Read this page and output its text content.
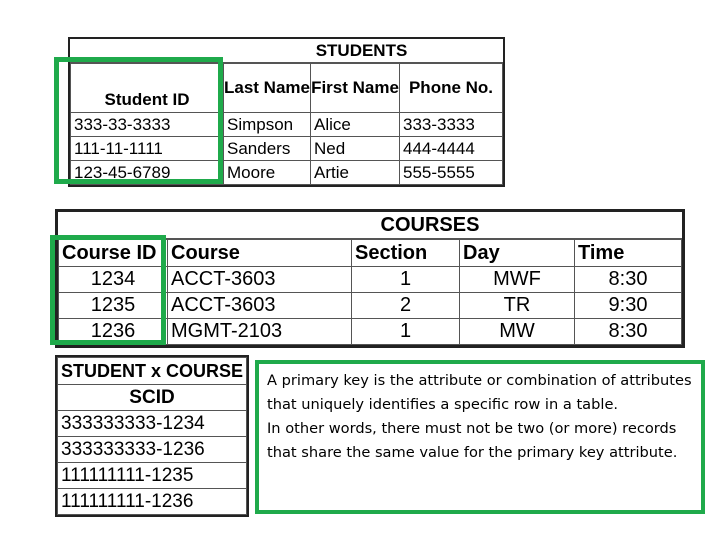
STUDENTS
Student ID	Last Name	First Name	Phone No.
333-33-3333	Simpson	Alice	333-3333
111-11-1111	Sanders	Ned	444-4444
123-45-6789	Moore	Artie	555-5555
COURSES
Course ID	Course	Section	Day	Time
1234	ACCT-3603	1	MWF	8:30
1235	ACCT-3603	2	TR	9:30
1236	MGMT-2103	1	MW	8:30
STUDENT x COURSE
SCID
333333333-1234
333333333-1236
111111111-1235
111111111-1236

A primary key is the attribute or combination of attributes that uniquely identifies a specific row in a table.

In other words, there must not be two (or more) records that share the same value for the primary key attribute.
